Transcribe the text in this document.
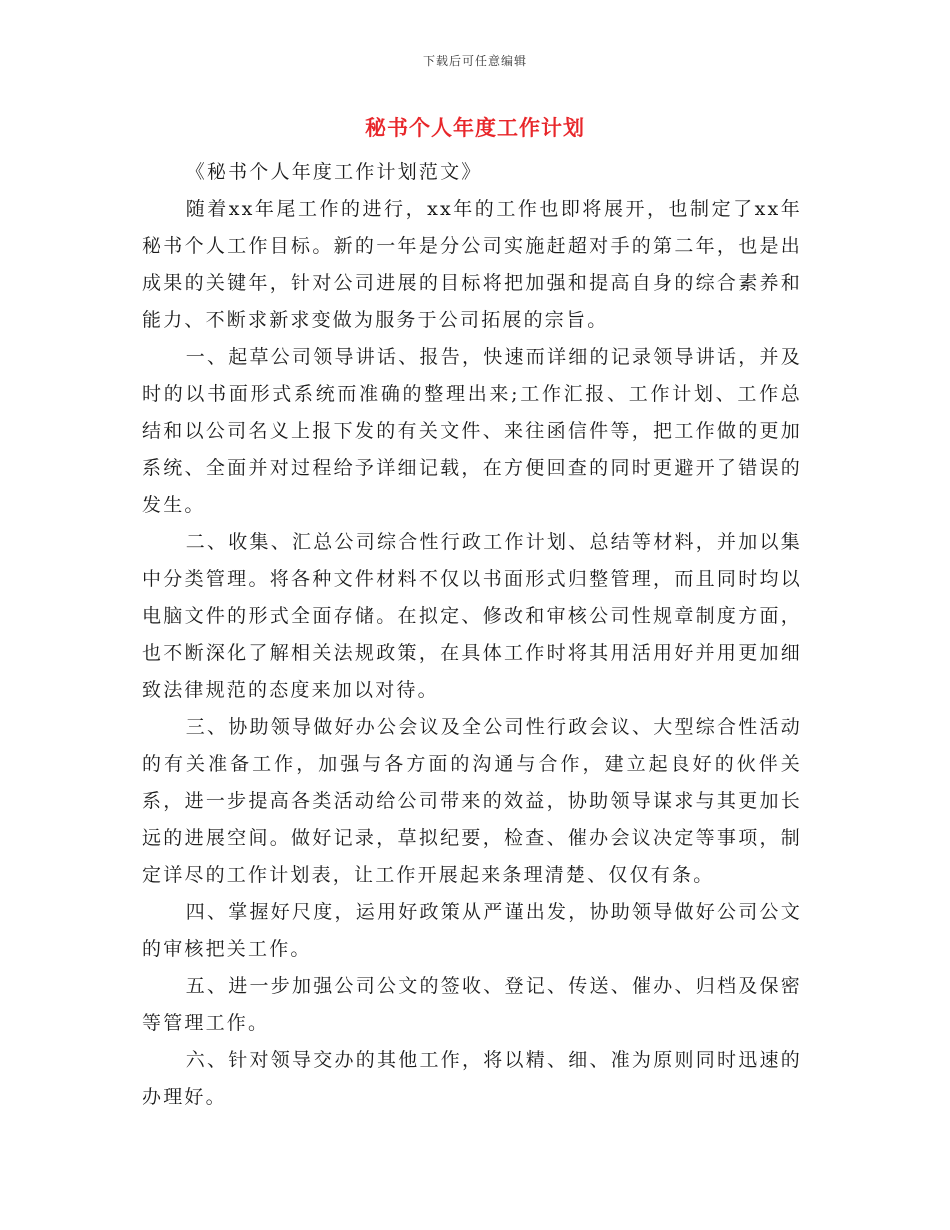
下载后可任意编辑
秘书个人年度工作计划

《秘书个人年度工作计划范文》

随着xx年尾工作的进行，xx年的工作也即将展开，也制定了xx年秘书个人工作目标。新的一年是分公司实施赶超对手的第二年，也是出成果的关键年，针对公司进展的目标将把加强和提高自身的综合素养和能力、不断求新求变做为服务于公司拓展的宗旨。

一、起草公司领导讲话、报告，快速而详细的记录领导讲话，并及时的以书面形式系统而准确的整理出来;工作汇报、工作计划、工作总结和以公司名义上报下发的有关文件、来往函信件等，把工作做的更加系统、全面并对过程给予详细记载，在方便回查的同时更避开了错误的发生。

二、收集、汇总公司综合性行政工作计划、总结等材料，并加以集中分类管理。将各种文件材料不仅以书面形式归整管理，而且同时均以电脑文件的形式全面存储。在拟定、修改和审核公司性规章制度方面，也不断深化了解相关法规政策，在具体工作时将其用活用好并用更加细致法律规范的态度来加以对待。

三、协助领导做好办公会议及全公司性行政会议、大型综合性活动的有关准备工作，加强与各方面的沟通与合作，建立起良好的伙伴关系，进一步提高各类活动给公司带来的效益，协助领导谋求与其更加长远的进展空间。做好记录，草拟纪要，检查、催办会议决定等事项，制定详尽的工作计划表，让工作开展起来条理清楚、仅仅有条。

四、掌握好尺度，运用好政策从严谨出发，协助领导做好公司公文的审核把关工作。

五、进一步加强公司公文的签收、登记、传送、催办、归档及保密等管理工作。

六、针对领导交办的其他工作，将以精、细、准为原则同时迅速的办理好。
